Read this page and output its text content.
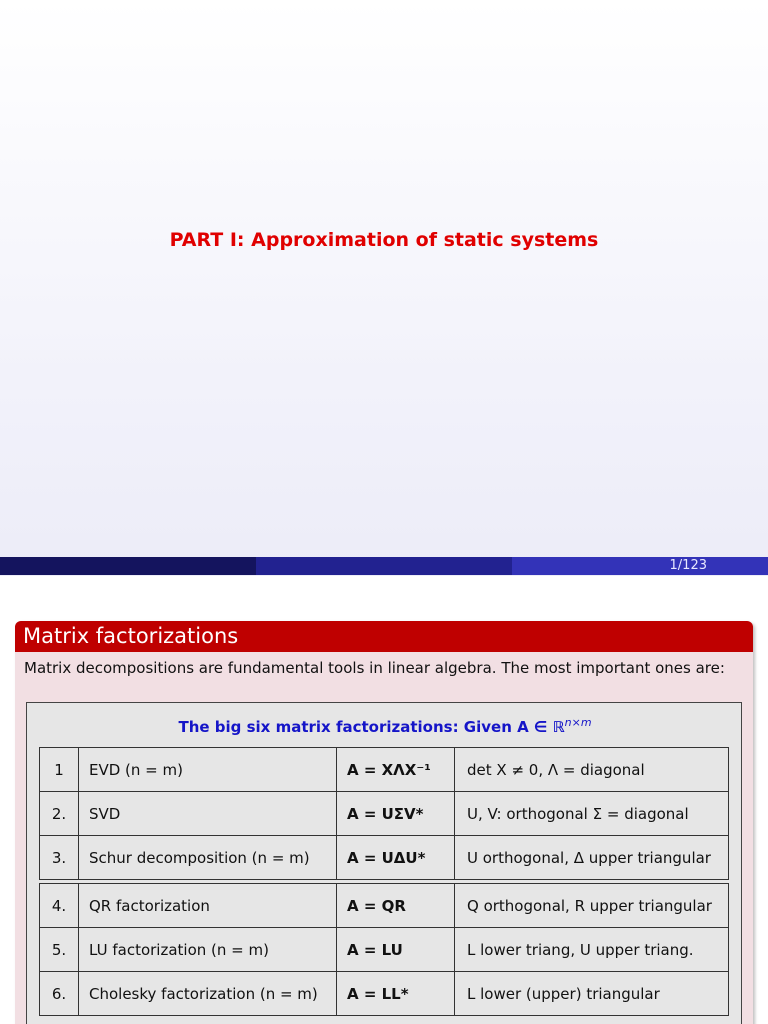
PART I: Approximation of static systems
1/123
Matrix factorizations
Matrix decompositions are fundamental tools in linear algebra. The most important ones are:
The big six matrix factorizations: Given A ∈ ℝ$^{n\times m}$
1	EVD (n = m)	A = XΛX⁻¹	det X ≠ 0, Λ = diagonal
2.	SVD	A = UΣV*	U, V: orthogonal Σ = diagonal
3.	Schur decomposition (n = m)	A = UΔU*	U orthogonal, Δ upper triangular
4.	QR factorization	A = QR	Q orthogonal, R upper triangular
5.	LU factorization (n = m)	A = LU	L lower triang, U upper triang.
6.	Cholesky factorization (n = m)	A = LL*	L lower (upper) triangular
